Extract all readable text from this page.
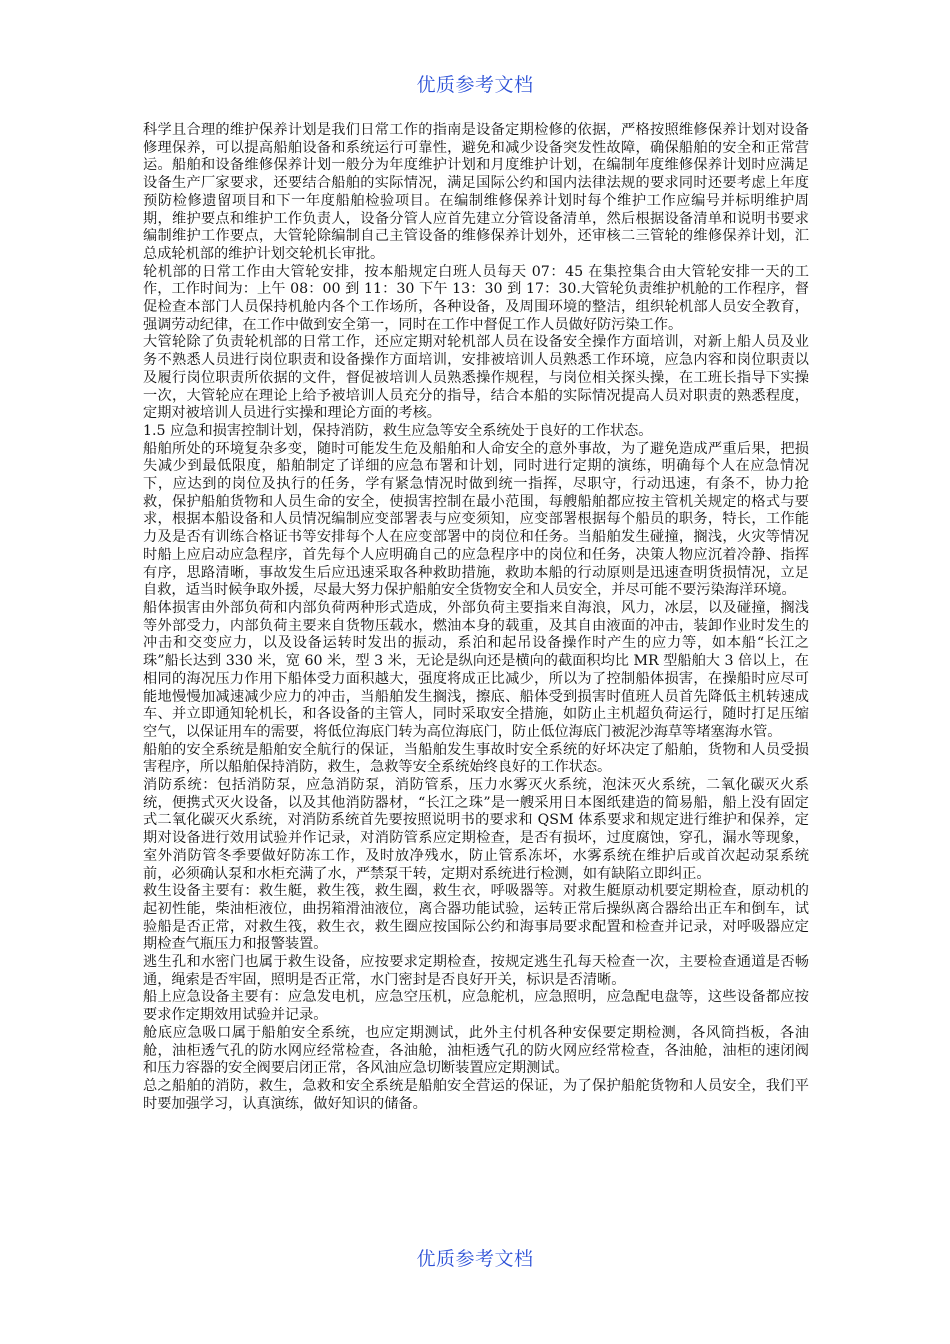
优质参考文档

科学且合理的维护保养计划是我们日常工作的指南是设备定期检修的依据，严格按照维修保养计划对设备修理保养，可以提高船舶设备和系统运行可靠性，避免和减少设备突发性故障，确保船舶的安全和正常营运。船舶和设备维修保养计划一般分为年度维护计划和月度维护计划，在编制年度维修保养计划时应满足设备生产厂家要求，还要结合船舶的实际情况，满足国际公约和国内法律法规的要求同时还要考虑上年度预防检修遗留项目和下一年度船舶检验项目。在编制维修保养计划时每个维护工作应编号并标明维护周期，维护要点和维护工作负责人，设备分管人应首先建立分管设备清单，然后根据设备清单和说明书要求编制维护工作要点，大管轮除编制自己主管设备的维修保养计划外，还审核二三管轮的维修保养计划，汇总成轮机部的维护计划交轮机长审批。

轮机部的日常工作由大管轮安排，按本船规定白班人员每天 07：45 在集控集合由大管轮安排一天的工作，工作时间为：上午 08：00 到 11：30 下午 13：30 到 17：30.大管轮负责维护机舱的工作程序，督促检查本部门人员保持机舱内各个工作场所，各种设备，及周围环境的整洁，组织轮机部人员安全教育，强调劳动纪律，在工作中做到安全第一，同时在工作中督促工作人员做好防污染工作。

大管轮除了负责轮机部的日常工作，还应定期对轮机部人员在设备安全操作方面培训，对新上船人员及业务不熟悉人员进行岗位职责和设备操作方面培训，安排被培训人员熟悉工作环境，应急内容和岗位职责以及履行岗位职责所依据的文件，督促被培训人员熟悉操作规程，与岗位相关探头操，在工班长指导下实操一次，大管轮应在理论上给予被培训人员充分的指导，结合本船的实际情况提高人员对职责的熟悉程度，定期对被培训人员进行实操和理论方面的考核。

1.5 应急和损害控制计划，保持消防，救生应急等安全系统处于良好的工作状态。

船舶所处的环境复杂多变，随时可能发生危及船舶和人命安全的意外事故，为了避免造成严重后果，把损失减少到最低限度，船舶制定了详细的应急布署和计划，同时进行定期的演练，明确每个人在应急情况下，应达到的岗位及执行的任务，学有紧急情况时做到统一指挥，尽职守，行动迅速，有条不，协力抢救，保护船舶货物和人员生命的安全，使损害控制在最小范围，每艘船舶都应按主管机关规定的格式与要求，根据本船设备和人员情况编制应变部署表与应变须知，应变部署根据每个船员的职务，特长，工作能力及是否有训练合格证书等安排每个人在应变部署中的岗位和任务。当船舶发生碰撞，搁浅，火灾等情况时船上应启动应急程序，首先每个人应明确自己的应急程序中的岗位和任务，决策人物应沉着冷静、指挥有序，思路清晰，事故发生后应迅速采取各种救助措施，救助本船的行动原则是迅速查明货损情况，立足自救，适当时候争取外援，尽最大努力保护船舶安全货物安全和人员安全，并尽可能不要污染海洋环境。

船体损害由外部负荷和内部负荷两种形式造成，外部负荷主要指来自海浪，风力，冰层，以及碰撞，搁浅等外部受力，内部负荷主要来自货物压载水，燃油本身的载重，及其自由液面的冲击，装卸作业时发生的冲击和交变应力，以及设备运转时发出的振动，系泊和起吊设备操作时产生的应力等，如本船“长江之珠”船长达到 330 米，宽 60 米，型 3 米，无论是纵向还是横向的截面积均比 MR 型船舶大 3 倍以上，在相同的海况压力作用下船体受力面积越大，强度将成正比减少，所以为了控制船体损害，在操船时应尽可能地慢慢加减速减少应力的冲击，当船舶发生搁浅，擦底、船体受到损害时值班人员首先降低主机转速成车、并立即通知轮机长，和各设备的主管人，同时采取安全措施，如防止主机超负荷运行，随时打足压缩空气，以保证用车的需要，将低位海底门转为高位海底门，防止低位海底门被泥沙海草等堵塞海水管。

船舶的安全系统是船舶安全航行的保证，当船舶发生事故时安全系统的好坏决定了船舶，货物和人员受损害程序，所以船舶保持消防，救生，急救等安全系统始终良好的工作状态。

消防系统：包括消防泵，应急消防泵，消防管系，压力水雾灭火系统，泡沫灭火系统，二氧化碳灭火系统，便携式灭火设备，以及其他消防器材，“长江之珠”是一艘采用日本图纸建造的简易船，船上没有固定式二氧化碳灭火系统，对消防系统首先要按照说明书的要求和 QSM 体系要求和规定进行维护和保养，定期对设备进行效用试验并作记录，对消防管系应定期检查，是否有损坏，过度腐蚀，穿孔，漏水等现象，室外消防管冬季要做好防冻工作，及时放净残水，防止管系冻坏，水雾系统在维护后或首次起动泵系统前，必须确认泵和水柜充满了水，严禁泵干转，定期对系统进行检测，如有缺陷立即纠正。

救生设备主要有：救生艇，救生筏，救生圈，救生衣，呼吸器等。对救生艇原动机要定期检查，原动机的起初性能，柴油柜液位，曲拐箱滑油液位，离合器功能试验，运转正常后操纵离合器给出正车和倒车，试验船是否正常，对救生筏，救生衣，救生圈应按国际公约和海事局要求配置和检查并记录，对呼吸器应定期检查气瓶压力和报警装置。

逃生孔和水密门也属于救生设备，应按要求定期检查，按规定逃生孔每天检查一次，主要检查通道是否畅通，绳索是否牢固，照明是否正常，水门密封是否良好开关，标识是否清晰。

船上应急设备主要有：应急发电机，应急空压机，应急舵机，应急照明，应急配电盘等，这些设备都应按要求作定期效用试验并记录。

舱底应急吸口属于船舶安全系统，也应定期测试，此外主付机各种安保要定期检测，各风筒挡板，各油舱，油柜透气孔的防水网应经常检查，各油舱，油柜透气孔的防火网应经常检查，各油舱，油柜的速闭阀和压力容器的安全阀要启闭正常，各风油应急切断装置应定期测试。

总之船舶的消防，救生，急救和安全系统是船舶安全营运的保证，为了保护船舵货物和人员安全，我们平时要加强学习，认真演练，做好知识的储备。

优质参考文档
